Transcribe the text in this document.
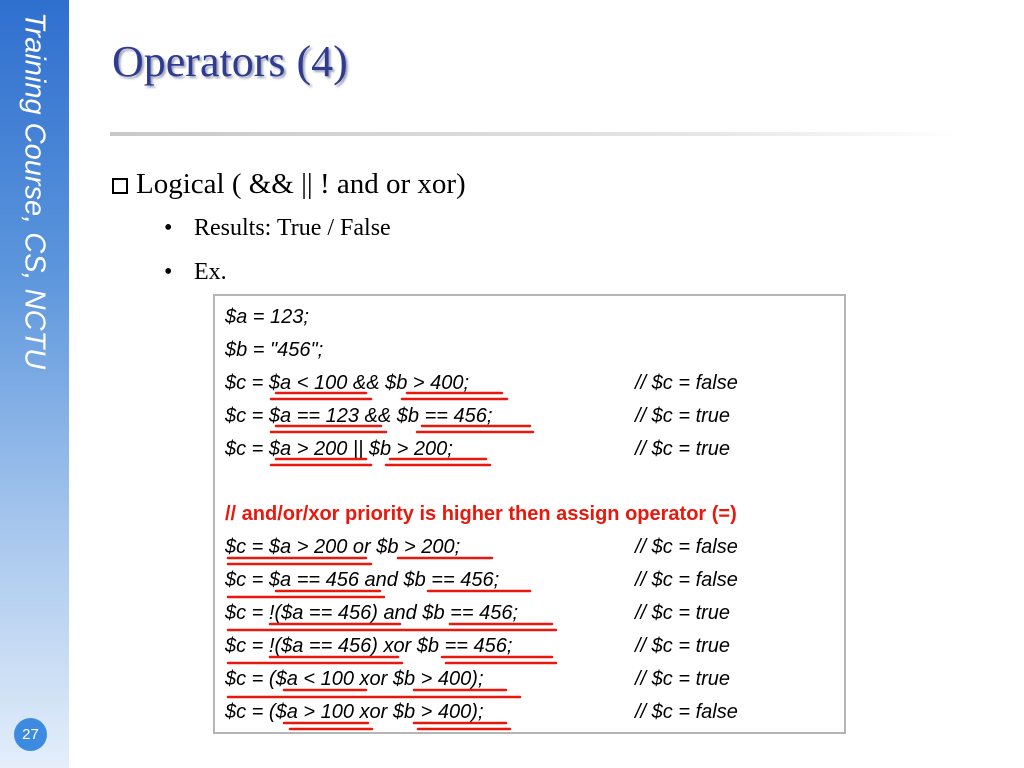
Training Course, CS, NCTU
27
Operators (4)
Logical ( && || ! and or xor)
• Results: True / False
• Ex.
$a = 123;
$b = "456";
$c = $a < 100 && $b > 400;	// $c = false
$c = $a == 123 && $b == 456;	// $c = true
$c = $a > 200 || $b > 200;	// $c = true
// and/or/xor priority is higher then assign operator (=)
$c = $a > 200 or $b > 200;	// $c = false
$c = $a == 456 and $b == 456;	// $c = false
$c = !($a == 456) and $b == 456;	// $c = true
$c = !($a == 456) xor $b == 456;	// $c = true
$c = ($a < 100 xor $b > 400);	// $c = true
$c = ($a > 100 xor $b > 400);	// $c = false
